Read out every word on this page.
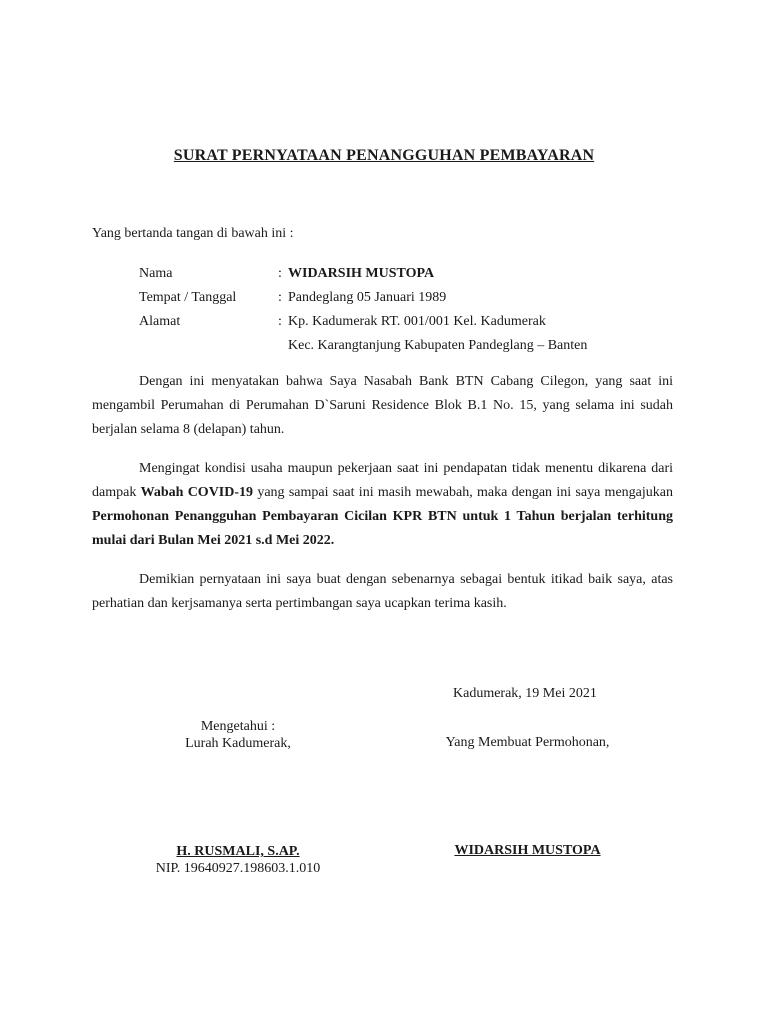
SURAT PERNYATAAN PENANGGUHAN PEMBAYARAN
Yang bertanda tangan di bawah ini :
Nama	: WIDARSIH MUSTOPA
Tempat / Tanggal	: Pandeglang 05 Januari 1989
Alamat	: Kp. Kadumerak RT. 001/001 Kel. Kadumerak
Kec. Karangtanjung Kabupaten Pandeglang – Banten

Dengan ini menyatakan bahwa Saya Nasabah Bank BTN Cabang Cilegon, yang saat ini mengambil Perumahan di Perumahan D`Saruni Residence Blok B.1 No. 15, yang selama ini sudah berjalan selama 8 (delapan) tahun.

Mengingat kondisi usaha maupun pekerjaan saat ini pendapatan tidak menentu dikarena dari dampak Wabah COVID-19 yang sampai saat ini masih mewabah, maka dengan ini saya mengajukan Permohonan Penangguhan Pembayaran Cicilan KPR BTN untuk 1 Tahun berjalan terhitung mulai dari Bulan Mei 2021 s.d Mei 2022.

Demikian pernyataan ini saya buat dengan sebenarnya sebagai bentuk itikad baik saya, atas perhatian dan kerjsamanya serta pertimbangan saya ucapkan terima kasih.

Kadumerak, 19 Mei 2021
Mengetahui :
Lurah Kadumerak,	Yang Membuat Permohonan,
H. RUSMALI, S.AP.
NIP. 19640927.198603.1.010
WIDARSIH MUSTOPA
